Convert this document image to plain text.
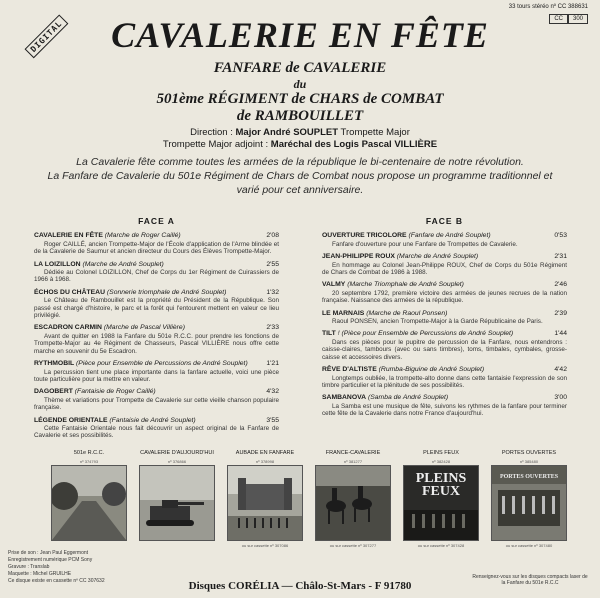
DIGITAL
33 tours stéréo nº CC 388631
CC	300
CAVALERIE EN FÊTE
FANFARE de CAVALERIE
du
501ème RÉGIMENT de CHARS de COMBAT
de RAMBOUILLET
Direction : Major André SOUPLET Trompette Major
Trompette Major adjoint : Maréchal des Logis Pascal VILLIÈRE
La Cavalerie fête comme toutes les armées de la république le bi-centenaire de notre révolution.
La Fanfare de Cavalerie du 501e Régiment de Chars de Combat nous propose un programme traditionnel et varié pour cet anniversaire.
FACE A
CAVALERIE EN FÊTE (Marche de Roger Caillé)	2'08
Roger CAILLÉ, ancien Trompette-Major de l'École d'application de l'Arme blindée et de la Cavalerie de Saumur et ancien directeur du Cours des Élèves Trompette-Major.
LA LOIZILLON (Marche de André Souplet)	2'55
Dédiée au Colonel LOIZILLON, Chef de Corps du 1er Régiment de Cuirassiers de 1966 à 1968.
ÉCHOS DU CHÂTEAU (Sonnerie triomphale de André Souplet)	1'32
Le Château de Rambouillet est la propriété du Président de la République. Son passé est chargé d'histoire, le parc et la forêt qui l'entourent mettent en valeur ce lieu privilégié.
ESCADRON CARMIN (Marche de Pascal Villière)	2'33
Avant de quitter en 1988 la Fanfare du 501e R.C.C. pour prendre les fonctions de Trompette-Major au 4e Régiment de Chasseurs, Pascal VILLIÈRE nous offre cette marche en souvenir du 5e Escadron.
RYTHMOBIL (Pièce pour Ensemble de Percussions de André Souplet)	1'21
La percussion tient une place importante dans la fanfare actuelle, voici une pièce toute particulière pour la mettre en valeur.
DAGOBERT (Fantaisie de Roger Caillé)	4'32
Thème et variations pour Trompette de Cavalerie sur cette vieille chanson populaire française.
LÉGENDE ORIENTALE (Fantaisie de André Souplet)	3'55
Cette Fantaisie Orientale nous fait découvrir un aspect original de la Fanfare de Cavalerie et ses possibilités.
FACE B
OUVERTURE TRICOLORE (Fanfare de André Souplet)	0'53
Fanfare d'ouverture pour une Fanfare de Trompettes de Cavalerie.
JEAN-PHILIPPE ROUX (Marche de André Souplet)	2'31
En hommage au Colonel Jean-Philippe ROUX, Chef de Corps du 501e Régiment de Chars de Combat de 1986 à 1988.
VALMY (Marche Triomphale de André Souplet)	2'46
20 septembre 1792, première victoire des armées de jeunes recrues de la nation française. Naissance des armées de la république.
LE MARNAIS (Marche de Raoul Ponsen)	2'39
Raoul PONSEN, ancien Trompette-Major à la Garde Républicaine de Paris.
TILT ! (Pièce pour Ensemble de Percussions de André Souplet)	1'44
Dans ces pièces pour le pupitre de percussion de la Fanfare, nous entendrons : caisse-claires, tambours (avec ou sans timbres), toms, timbales, cymbales, grosse-caisse et accessoires divers.
RÊVE D'ALTISTE (Rumba-Biguine de André Souplet)	4'42
Longtemps oubliée, la trompette-alto donne dans cette fantaisie l'expression de son timbre particulier et la plénitude de ses possibilités.
SAMBANOVA (Samba de André Souplet)	3'00
La Samba est une musique de fête, suivons les rythmes de la fanfare pour terminer cette fête de la Cavalerie dans notre France d'aujourd'hui.
501e R.C.C.
nº 374793
CAVALERIE D'AUJOURD'HUI
nº 376866
AUBADE EN FANFARE
nº 378998
ou sur cassette nº 307086
FRANCE-CAVALERIE
nº 381277
ou sur cassette nº 307277
PLEINS FEUX
nº 382428
PLEINS FEUX
ou sur cassette nº 307428
PORTES OUVERTES
nº 385480
PORTES OUVERTES
ou sur cassette nº 307480
Prise de son : Jean Paul Eggermont
Enregistrement numérique PCM Sony
Gravure : Translab
Maquette : Michel GRUILHE
Ce disque existe en cassette nº CC 307632	Disques CORÉLIA — Châlo-St-Mars - F 91780
Renseignez-vous sur les disques compacts laser de la Fanfare du 501e R.C.C
